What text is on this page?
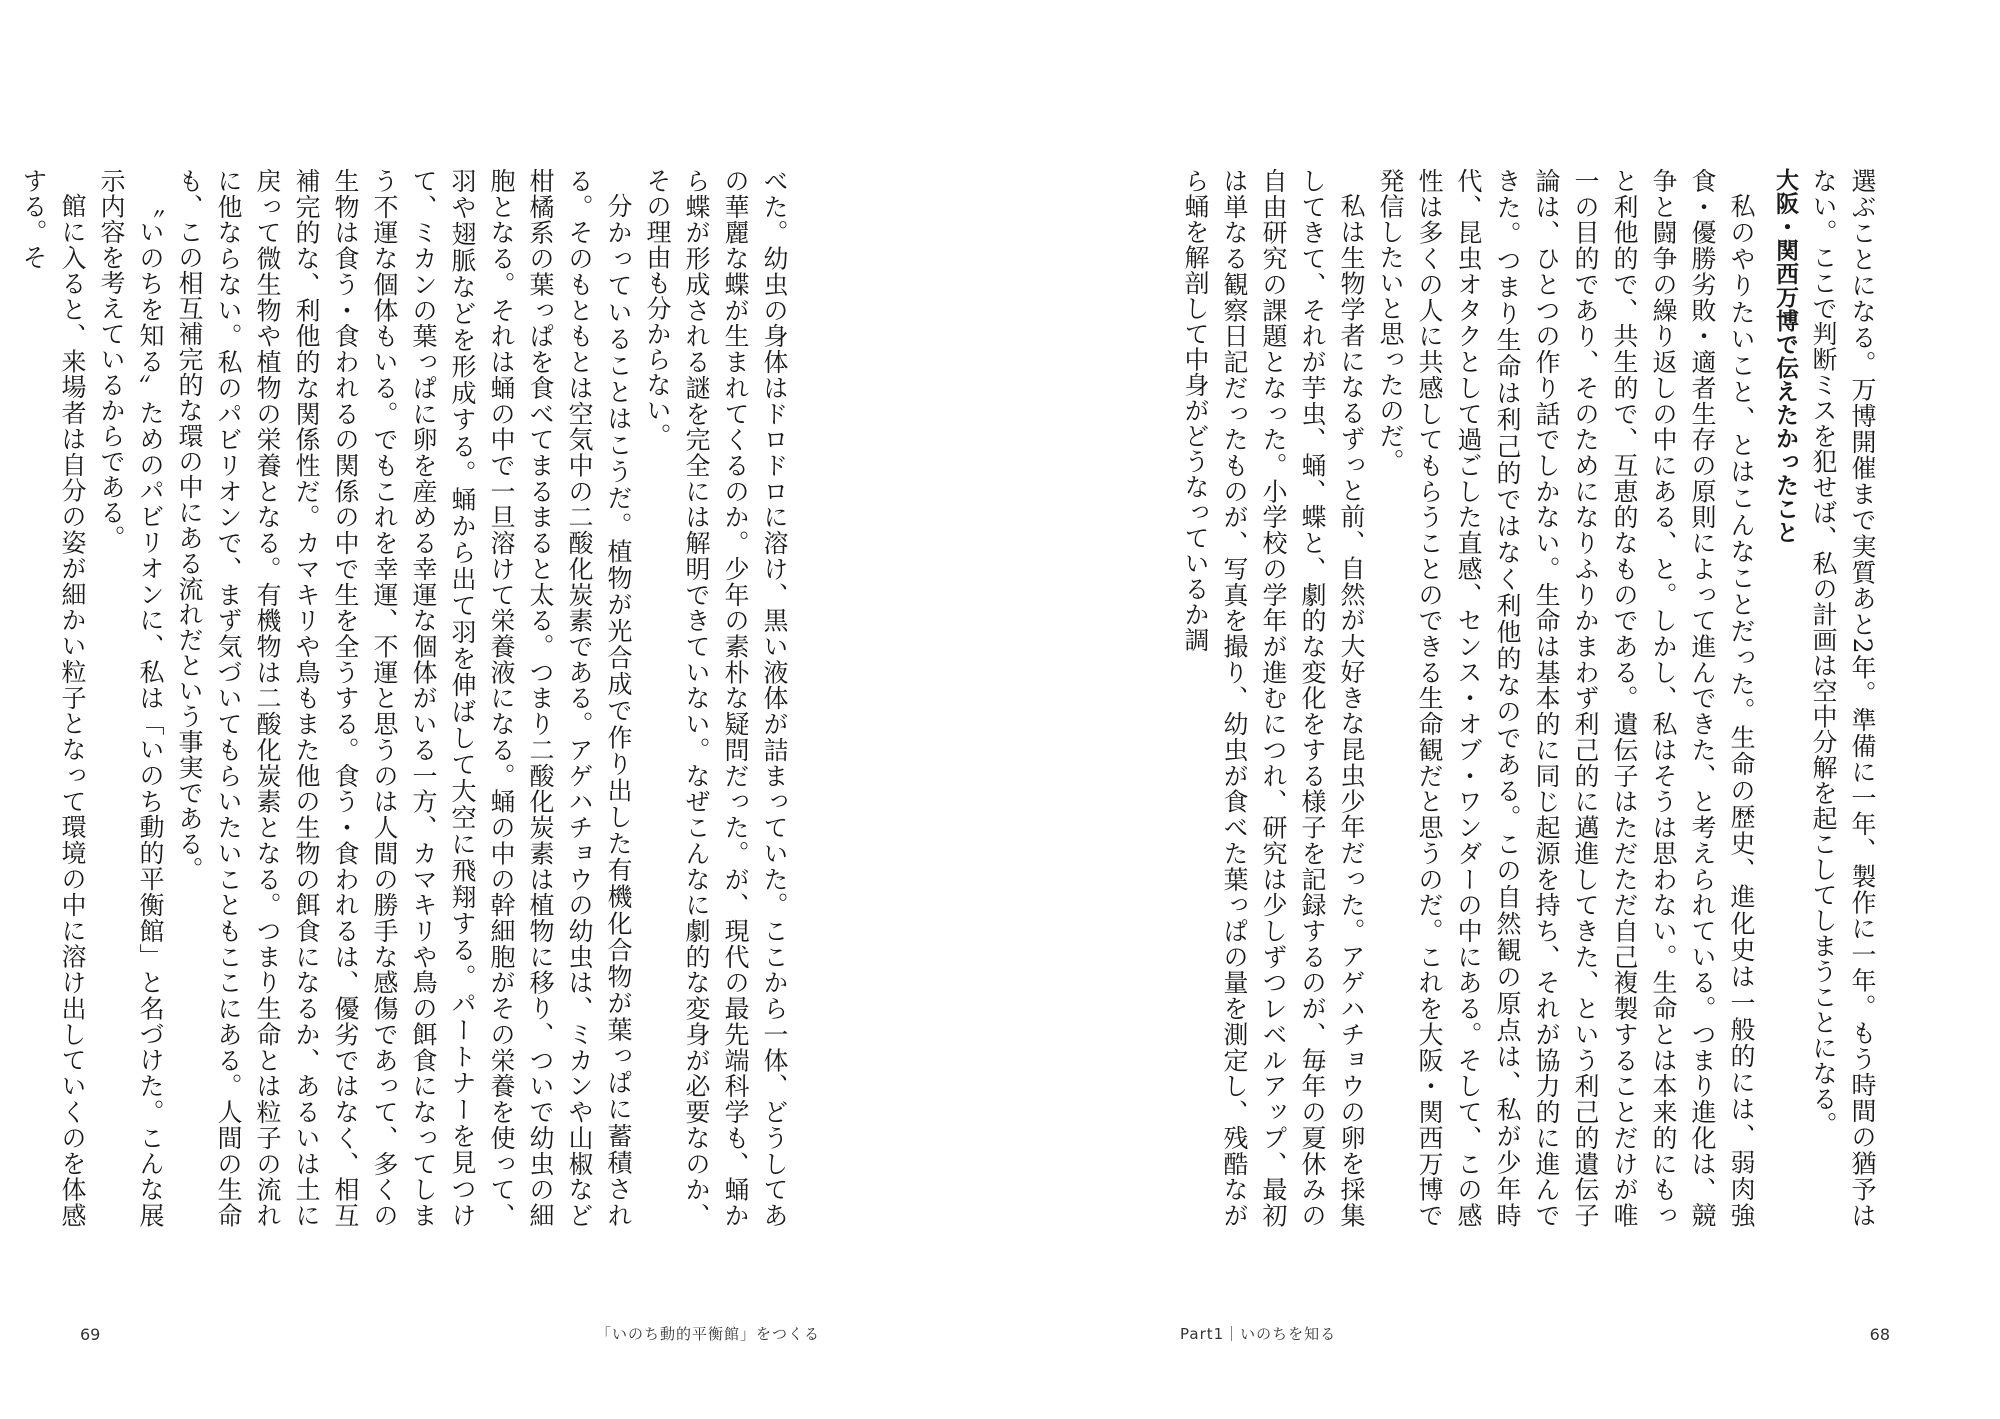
選ぶことになる。万博開催まで実質あと2年。準備に一年、製作に一年。もう時間の猶予はない。ここで判断ミスを犯せば、私の計画は空中分解を起こしてしまうことになる。

大阪・関西万博で伝えたかったこと

私のやりたいこと、とはこんなことだった。生命の歴史、進化史は一般的には、弱肉強食・優勝劣敗・適者生存の原則によって進んできた、と考えられている。つまり進化は、競争と闘争の繰り返しの中にある、と。しかし、私はそうは思わない。生命とは本来的にもっと利他的で、共生的で、互恵的なものである。遺伝子はただただ自己複製することだけが唯一の目的であり、そのためになりふりかまわず利己的に邁進してきた、という利己的遺伝子論は、ひとつの作り話でしかない。生命は基本的に同じ起源を持ち、それが協力的に進んできた。つまり生命は利己的ではなく利他的なのである。この自然観の原点は、私が少年時代、昆虫オタクとして過ごした直感、センス・オブ・ワンダーの中にある。そして、この感性は多くの人に共感してもらうことのできる生命観だと思うのだ。これを大阪・関西万博で発信したいと思ったのだ。

私は生物学者になるずっと前、自然が大好きな昆虫少年だった。アゲハチョウの卵を採集してきて、それが芋虫、蛹、蝶と、劇的な変化をする様子を記録するのが、毎年の夏休みの自由研究の課題となった。小学校の学年が進むにつれ、研究は少しずつレベルアップ、最初は単なる観察日記だったものが、写真を撮り、幼虫が食べた葉っぱの量を測定し、残酷ながら蛹を解剖して中身がどうなっているか調

Part1｜いのちを知る	68

べた。幼虫の身体はドロドロに溶け、黒い液体が詰まっていた。ここから一体、どうしてあの華麗な蝶が生まれてくるのか。少年の素朴な疑問だった。が、現代の最先端科学も、蛹から蝶が形成される謎を完全には解明できていない。なぜこんなに劇的な変身が必要なのか、その理由も分からない。

分かっていることはこうだ。植物が光合成で作り出した有機化合物が葉っぱに蓄積される。そのもともとは空気中の二酸化炭素である。アゲハチョウの幼虫は、ミカンや山椒など柑橘系の葉っぱを食べてまるまると太る。つまり二酸化炭素は植物に移り、ついで幼虫の細胞となる。それは蛹の中で一旦溶けて栄養液になる。蛹の中の幹細胞がその栄養を使って、羽や翅脈などを形成する。蛹から出て羽を伸ばして大空に飛翔する。パートナーを見つけて、ミカンの葉っぱに卵を産める幸運な個体がいる一方、カマキリや鳥の餌食になってしまう不運な個体もいる。でもこれを幸運、不運と思うのは人間の勝手な感傷であって、多くの生物は食う・食われるの関係の中で生を全うする。食う・食われるは、優劣ではなく、相互補完的な、利他的な関係性だ。カマキリや鳥もまた他の生物の餌食になるか、あるいは土に戻って微生物や植物の栄養となる。有機物は二酸化炭素となる。つまり生命とは粒子の流れに他ならない。私のパビリオンで、まず気づいてもらいたいこともここにある。人間の生命も、この相互補完的な環の中にある流れだという事実である。

〝いのちを知る〟ためのパビリオンに、私は「いのち動的平衡館」と名づけた。こんな展示内容を考えているからである。

館に入ると、来場者は自分の姿が細かい粒子となって環境の中に溶け出していくのを体感する。そ

「いのち動的平衡館」をつくる
69
